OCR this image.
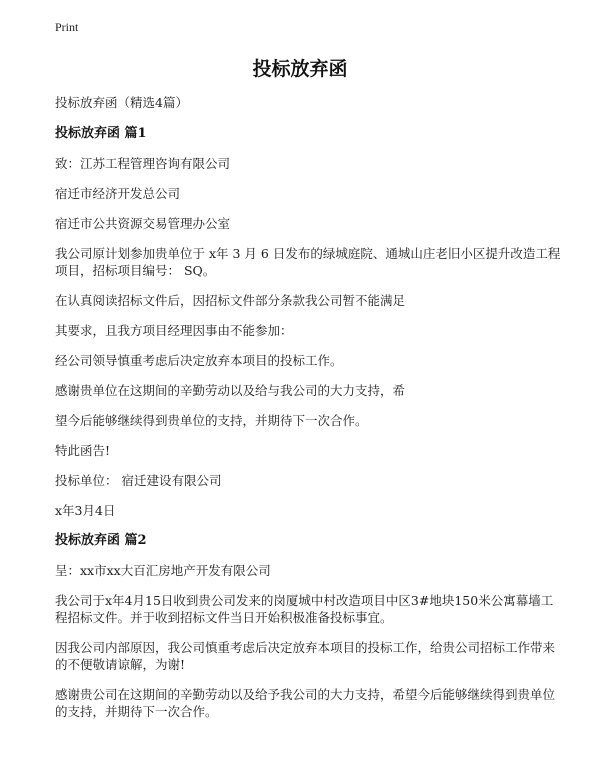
Print
投标放弃函

投标放弃函（精选4篇）

投标放弃函 篇1

致：江苏工程管理咨询有限公司

宿迁市经济开发总公司

宿迁市公共资源交易管理办公室

我公司原计划参加贵单位于 x年 3 月 6 日发布的绿城庭院、通城山庄老旧小区提升改造工程项目，招标项目编号： SQ。

在认真阅读招标文件后，因招标文件部分条款我公司暂不能满足

其要求，且我方项目经理因事由不能参加：

经公司领导慎重考虑后决定放弃本项目的投标工作。

感谢贵单位在这期间的辛勤劳动以及给与我公司的大力支持，希

望今后能够继续得到贵单位的支持，并期待下一次合作。

特此函告!

投标单位： 宿迁建设有限公司

x年3月4日

投标放弃函 篇2

呈：xx市xx大百汇房地产开发有限公司

我公司于x年4月15日收到贵公司发来的岗厦城中村改造项目中区3#地块150米公寓幕墙工程招标文件。并于收到招标文件当日开始积极准备投标事宜。

因我公司内部原因，我公司慎重考虑后决定放弃本项目的投标工作，给贵公司招标工作带来的不便敬请谅解，为谢!

感谢贵公司在这期间的辛勤劳动以及给予我公司的大力支持，希望今后能够继续得到贵单位的支持，并期待下一次合作。
